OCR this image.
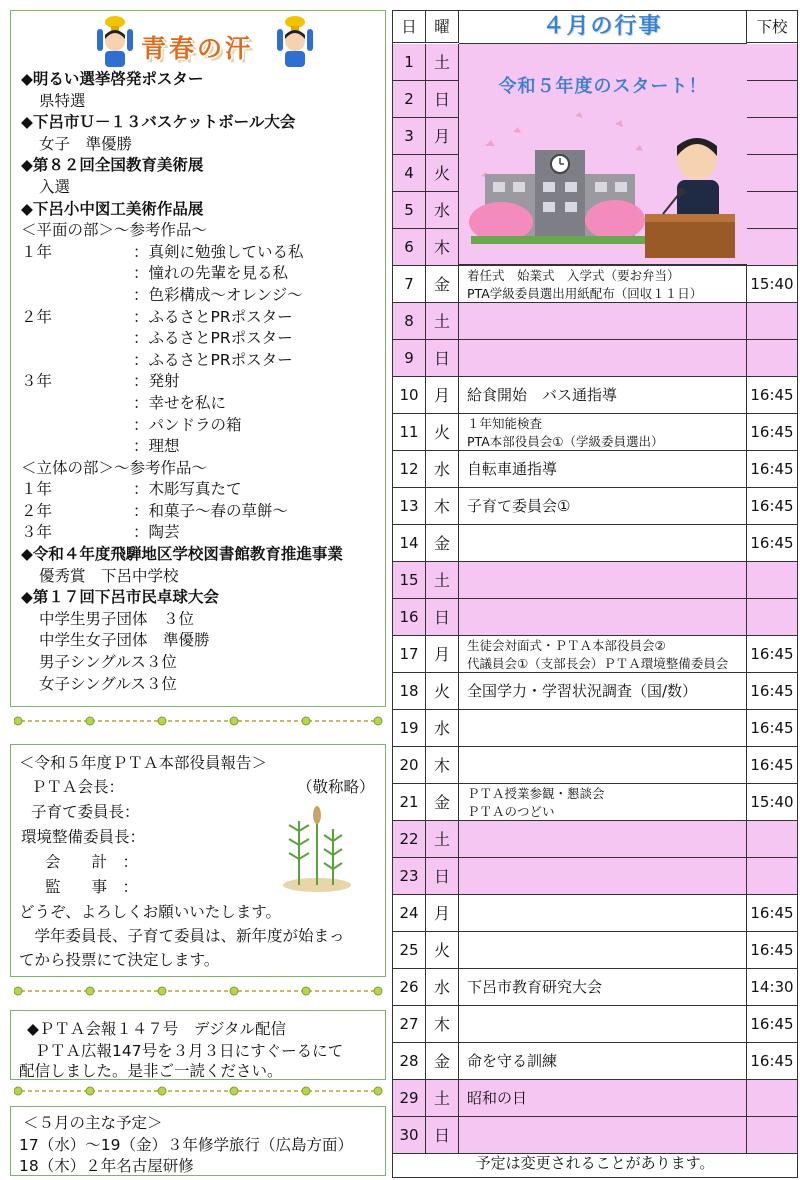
青春の汗
◆明るい選挙啓発ポスター
県特選
◆下呂市Ｕ－１３バスケットボール大会
女子　準優勝
◆第８２回全国教育美術展
入選
◆下呂小中図工美術作品展
＜平面の部＞～参考作品～
１年	：真剣に勉強している私
：憧れの先輩を見る私
：色彩構成～オレンジ～
２年	：ふるさとPRポスター
：ふるさとPRポスター
：ふるさとPRポスター
３年	：発射
：幸せを私に
：パンドラの箱
：理想
＜立体の部＞～参考作品～
１年	：木彫写真たて
２年	：和菓子～春の草餅～
３年	：陶芸
◆令和４年度飛騨地区学校図書館教育推進事業
優秀賞　下呂中学校
◆第１７回下呂市民卓球大会
中学生男子団体　３位
中学生女子団体　準優勝
男子シングルス３位
女子シングルス３位
＜令和５年度ＰＴＡ本部役員報告＞
（敬称略）
ＰＴＡ会長：
子育て委員長：
環境整備委員長：
会　　計　：
監　　事　：
どうぞ、よろしくお願いいたします。
　学年委員長、子育て委員は、新年度が始まっ
てから投票にて決定します。
◆ＰＴＡ会報１４７号　デジタル配信
　ＰＴＡ広報147号を３月３日にすぐーるにて
配信しました。是非ご一読ください。
＜５月の主な予定＞
17（水）～19（金）３年修学旅行（広島方面）
18（木）２年名古屋研修
日	曜	４月の行事	下校
1	土
2	日
3	月
4	火
5	水
6	木
7	金	着任式　始業式　入学式（要お弁当）
PTA学級委員選出用紙配布（回収１１日）
15:40
8	土
9	日
10 月	給食開始　バス通指導	16:45
11 火	１年知能検査
PTA本部役員会①（学級委員選出）
16:45
12 水	自転車通指導	16:45
13 木	子育て委員会①	16:45
14 金	16:45
15 土
16 日
17 月	生徒会対面式・ＰＴＡ本部役員会②
代議員会①（支部長会）ＰＴＡ環境整備委員会
16:45
18 火	全国学力・学習状況調査（国/数）	16:45
19 水	16:45
20 木	16:45
21 金	ＰＴＡ授業参観・懇談会
ＰＴＡのつどい
15:40
22 土
23 日
24 月	16:45
25 火	16:45
26 水	下呂市教育研究大会	14:30
27 木	16:45
28 金	命を守る訓練	16:45
29 土	昭和の日
30 日
令和５年度のスタート！
予定は変更されることがあります。
